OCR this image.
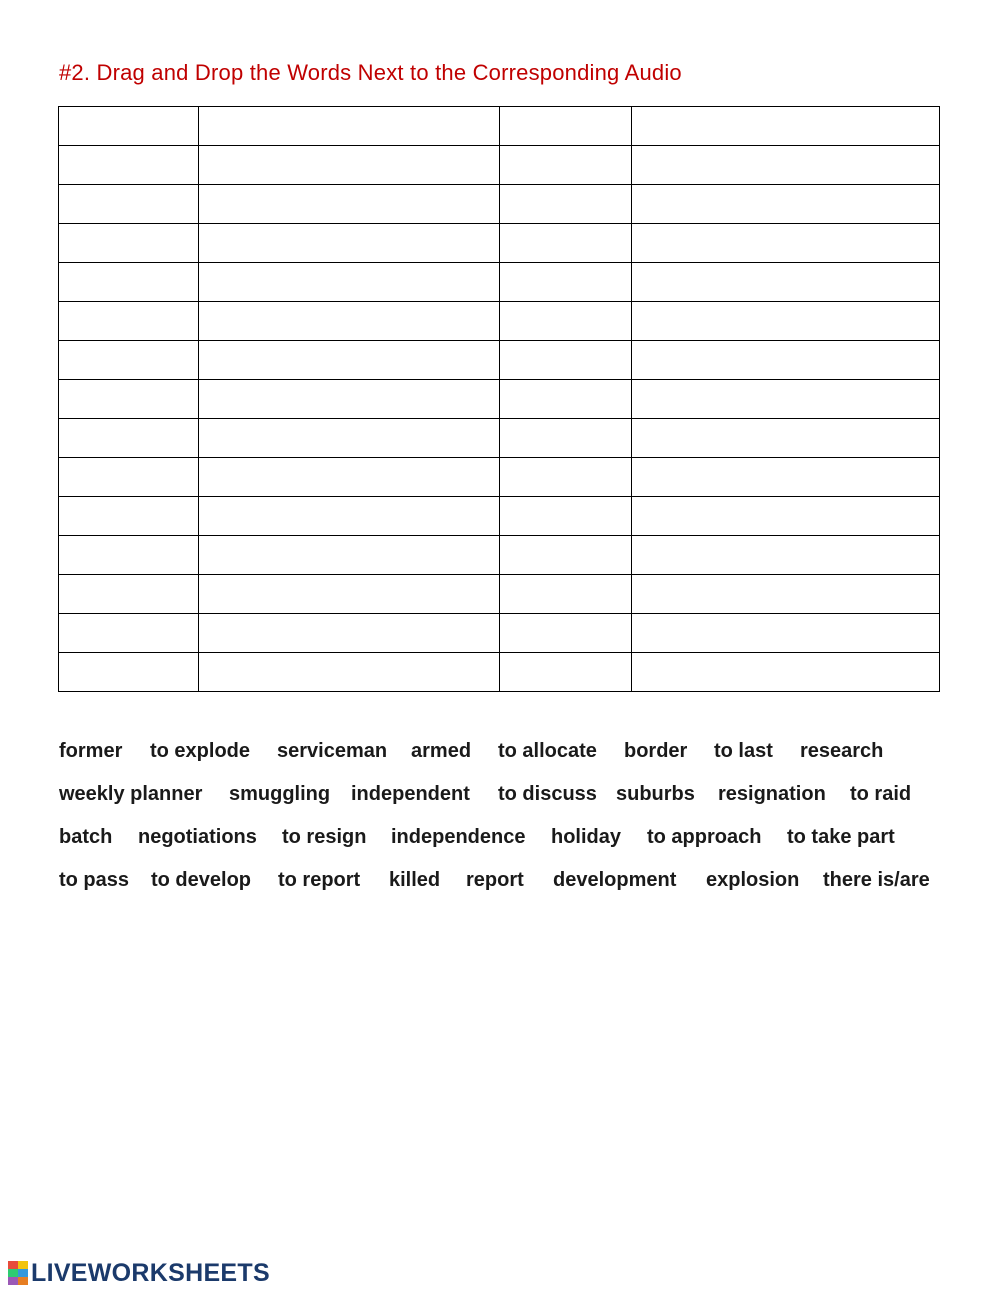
#2. Drag and Drop the Words Next to the Corresponding Audio

former to explode serviceman armed to allocate border to last research
weekly planner smuggling independent to discuss suburbs resignation to raid
batch negotiations to resign independence holiday to approach to take part
to pass to develop to report killed report development explosion there is/are
LIVEWORKSHEETS
